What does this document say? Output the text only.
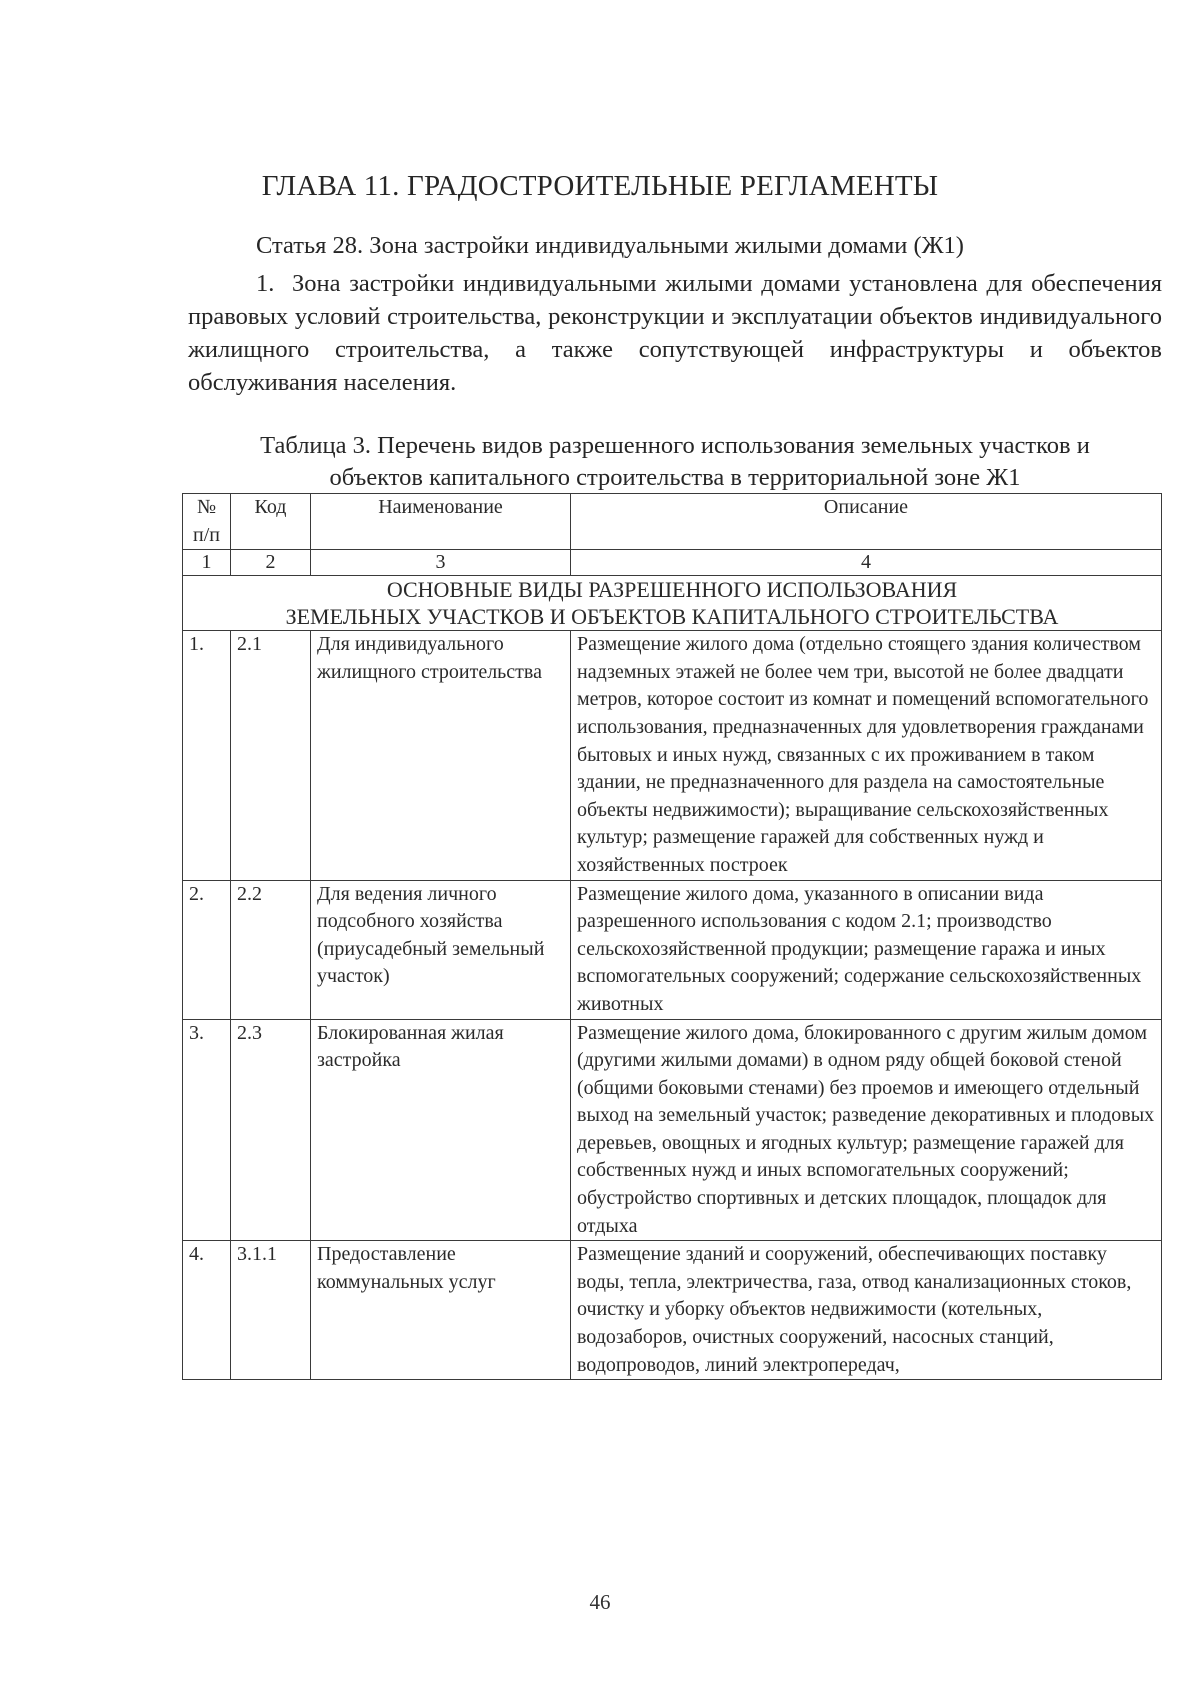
ГЛАВА 11. ГРАДОСТРОИТЕЛЬНЫЕ РЕГЛАМЕНТЫ
Статья 28. Зона застройки индивидуальными жилыми домами (Ж1)
1. Зона застройки индивидуальными жилыми домами установлена для обеспечения правовых условий строительства, реконструкции и эксплуатации объектов индивидуального жилищного строительства, а также сопутствующей инфраструктуры и объектов обслуживания населения.
Таблица 3. Перечень видов разрешенного использования земельных участков и
объектов капитального строительства в территориальной зоне Ж1
№ п/п	Код	Наименование	Описание
1	2	3	4

ОСНОВНЫЕ ВИДЫ РАЗРЕШЕННОГО ИСПОЛЬЗОВАНИЯ
ЗЕМЕЛЬНЫХ УЧАСТКОВ И ОБЪЕКТОВ КАПИТАЛЬНОГО СТРОИТЕЛЬСТВА			

1.	2.1	Для индивидуального жилищного строительства	Размещение жилого дома (отдельно стоящего здания количеством надземных этажей не более чем три, высотой не более двадцати метров, которое состоит из комнат и помещений вспомогательного использования, предназначенных для удовлетворения гражданами бытовых и иных нужд, связанных с их проживанием в таком здании, не предназначенного для раздела на самостоятельные объекты недвижимости); выращивание сельскохозяйственных культур; размещение гаражей для собственных нужд и хозяйственных построек
2.	2.2	Для ведения личного подсобного хозяйства (приусадебный земельный участок)	Размещение жилого дома, указанного в описании вида разрешенного использования с кодом 2.1; производство сельскохозяйственной продукции; размещение гаража и иных вспомогательных сооружений; содержание сельскохозяйственных животных
3.	2.3	Блокированная жилая застройка	Размещение жилого дома, блокированного с другим жилым домом (другими жилыми домами) в одном ряду общей боковой стеной (общими боковыми стенами) без проемов и имеющего отдельный выход на земельный участок; разведение декоративных и плодовых деревьев, овощных и ягодных культур; размещение гаражей для собственных нужд и иных вспомогательных сооружений; обустройство спортивных и детских площадок, площадок для отдыха
4.	3.1.1	Предоставление коммунальных услуг	Размещение зданий и сооружений, обеспечивающих поставку воды, тепла, электричества, газа, отвод канализационных стоков, очистку и уборку объектов недвижимости (котельных, водозаборов, очистных сооружений, насосных станций, водопроводов, линий электропередач,
46
